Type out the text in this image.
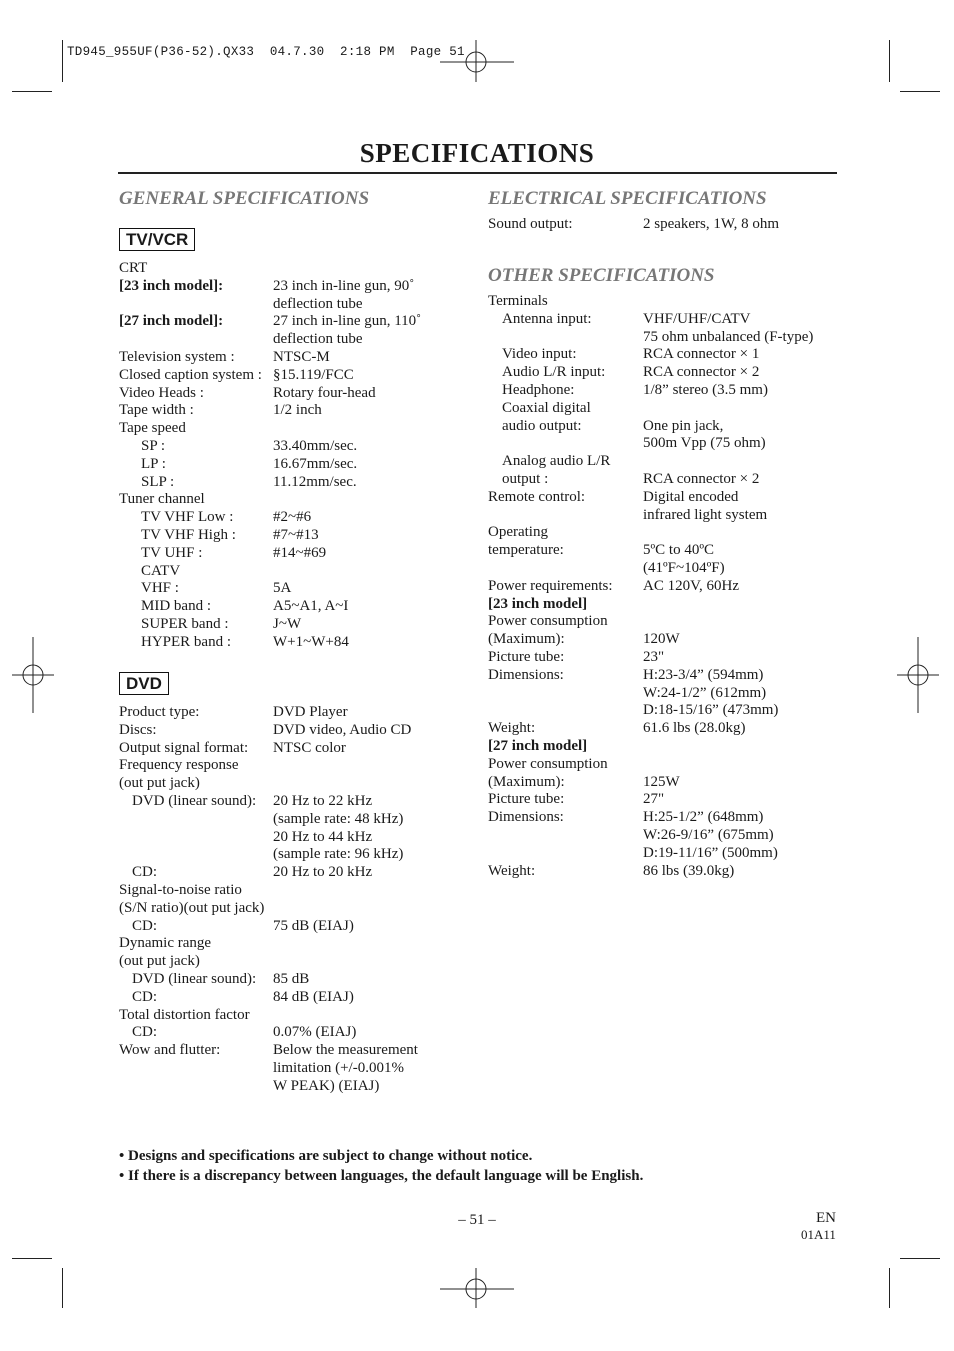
TD945_955UF(P36-52).QX33  04.7.30  2:18 PM  Page 51
SPECIFICATIONS
GENERAL SPECIFICATIONS
TV/VCR
CRT
[23 inch model]:	23 inch in-line gun, 90˚
deflection tube
[27 inch model]:	27 inch in-line gun, 110˚
deflection tube
Television system :	NTSC-M
Closed caption system : §15.119/FCC
Video Heads :	Rotary four-head
Tape width :	1/2 inch
Tape speed
SP :	33.40mm/sec.
LP :	16.67mm/sec.
SLP :	11.12mm/sec.
Tuner channel
TV VHF Low :	#2~#6
TV VHF High : #7~#13
TV UHF :	#14~#69
CATV
VHF :	5A
MID band :	A5~A1, A~I
SUPER band :	J~W
HYPER band :	W+1~W+84
DVD
Product type:	DVD Player
Discs:	DVD video, Audio CD
Output signal format: NTSC color
Frequency response
(out put jack)
DVD (linear sound): 20 Hz to 22 kHz
(sample rate: 48 kHz)
20 Hz to 44 kHz
(sample rate: 96 kHz)
CD:	20 Hz to 20 kHz
Signal-to-noise ratio
(S/N ratio)(out put jack)
CD:	75 dB (EIAJ)
Dynamic range
(out put jack)
DVD (linear sound): 85 dB
CD:	84 dB (EIAJ)
Total distortion factor
CD:	0.07% (EIAJ)
Wow and flutter:	Below the measurement
limitation (+/-0.001%
W PEAK) (EIAJ)
ELECTRICAL SPECIFICATIONS
Sound output:	2 speakers, 1W, 8 ohm
OTHER SPECIFICATIONS
Terminals
Antenna input:	VHF/UHF/CATV
75 ohm unbalanced (F-type)
Video input:	RCA connector × 1
Audio L/R input:	RCA connector × 2
Headphone:	1/8” stereo (3.5 mm)
Coaxial digital
audio output:	One pin jack,
500m Vpp (75 ohm)
Analog audio L/R
output :	RCA connector × 2
Remote control:	Digital encoded
infrared light system
Operating
temperature:	5ºC to 40ºC
(41ºF~104ºF)
Power requirements: AC 120V, 60Hz
[23 inch model]
Power consumption
(Maximum):	120W
Picture tube:	23"
Dimensions:	H:23-3/4” (594mm)
W:24-1/2” (612mm)
D:18-15/16” (473mm)
Weight:	61.6 lbs (28.0kg)
[27 inch model]
Power consumption
(Maximum):	125W
Picture tube:	27"
Dimensions:	H:25-1/2” (648mm)
W:26-9/16” (675mm)
D:19-11/16” (500mm)
Weight:	86 lbs (39.0kg)
• Designs and specifications are subject to change without notice.
• If there is a discrepancy between languages, the default language will be English.
– 51 –	EN
01A11
